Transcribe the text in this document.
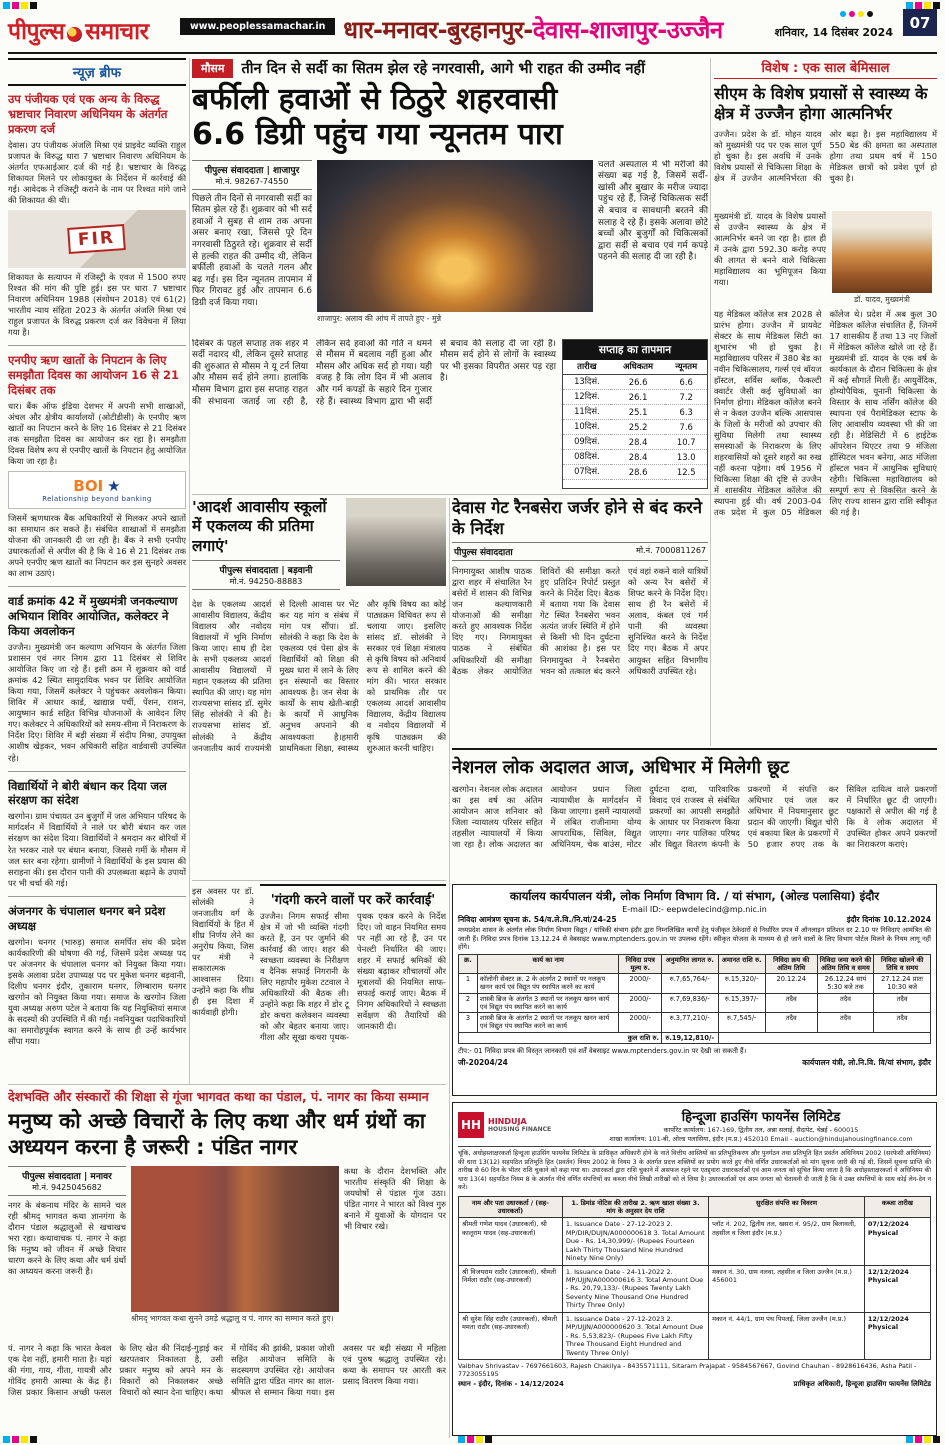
पीपुल्स समाचार	www.peoplessamachar.in धार-मनावर-बुरहानपुर-देवास-शाजापुर-उज्जैन	शनिवार, 14 दिसंबर 2024
07
न्यूज़ ब्रीफ
उप पंजीयक एवं एक अन्य के विरुद्ध भ्रष्टाचार निवारण अधिनियम के अंतर्गत प्रकरण दर्ज

देवास। उप पंजीयक अंजलि मिश्रा एवं प्राइवेट व्यक्ति राहुल प्रजापत के विरुद्ध धारा 7 भ्रष्टाचार निवारण अधिनियम के अंतर्गत एफआईआर दर्ज की गई है। भ्रष्टाचार के विरुद्ध शिकायत मिलने पर लोकायुक्त के निर्देशन में कार्रवाई की गई। आवेदक ने रजिस्ट्री कराने के नाम पर रिश्वत मांगे जाने की शिकायत की थी।

FIR

शिकायत के सत्यापन में रजिस्ट्री के एवज में 1500 रुपए रिश्वत की मांग की पुष्टि हुई। इस पर धारा 7 भ्रष्टाचार निवारण अधिनियम 1988 (संशोधन 2018) एवं 61(2) भारतीय न्याय संहिता 2023 के अंतर्गत अंजलि मिश्रा एवं राहुल प्रजापत के विरुद्ध प्रकरण दर्ज कर विवेचना में लिया गया है।

एनपीए ऋण खातों के निपटान के लिए समझौता दिवस का आयोजन 16 से 21 दिसंबर तक

धार। बैंक ऑफ इंडिया देशभर में अपनी सभी शाखाओं, अंचल और क्षेत्रीय कार्यालयों (ओटीडीसी) के एनपीए ऋण खातों का निपटान करने के लिए 16 दिसंबर से 21 दिसंबर तक समझौता दिवस का आयोजन कर रहा है। समझौता दिवस विशेष रूप से एनपीए खातों के निपटान हेतु आयोजित किया जा रहा है।

BOI ★
Relationship beyond banking

जिसमें ऋणधारक बैंक अधिकारियों से मिलकर अपने खातों का समाधान कर सकते हैं। संबंधित शाखाओं में समझौता योजना की जानकारी दी जा रही है। बैंक ने सभी एनपीए उधारकर्ताओं से अपील की है कि वे 16 से 21 दिसंबर तक अपने एनपीए ऋण खातों का निपटान कर इस सुनहरे अवसर का लाभ उठाएं।

वार्ड क्रमांक 42 में मुख्यमंत्री जनकल्याण अभियान शिविर आयोजित, कलेक्टर ने किया अवलोकन

उज्जैन। मुख्यमंत्री जन कल्याण अभियान के अंतर्गत जिला प्रशासन एवं नगर निगम द्वारा 11 दिसंबर से शिविर आयोजित किए जा रहे हैं। इसी क्रम में शुक्रवार को वार्ड क्रमांक 42 स्थित सामुदायिक भवन पर शिविर आयोजित किया गया, जिसमें कलेक्टर ने पहुंचकर अवलोकन किया। शिविर में आधार कार्ड, खाद्यान्न पर्ची, पेंशन, राशन, आयुष्मान कार्ड सहित विभिन्न योजनाओं के आवेदन लिए गए। कलेक्टर ने अधिकारियों को समय-सीमा में निराकरण के निर्देश दिए। शिविर में बड़ी संख्या में संदीप मिश्रा, उपायुक्त आशीष खेड़कर, भवन अधिकारी सहित वार्डवासी उपस्थित रहे।

विद्यार्थियों ने बोरी बंधान कर दिया जल संरक्षण का संदेश

खरगोन। ग्राम पंचायत उन बुजुर्गों में जल अभियान परिषद के मार्गदर्शन में विद्यार्थियों ने नाले पर बोरी बंधान कर जल संरक्षण का संदेश दिया। विद्यार्थियों ने श्रमदान कर बोरियों में रेत भरकर नाले पर बंधान बनाया, जिससे गर्मी के मौसम में जल स्तर बना रहेगा। ग्रामीणों ने विद्यार्थियों के इस प्रयास की सराहना की। इस दौरान पानी की उपलब्धता बढ़ाने के उपायों पर भी चर्चा की गई।

अंजनगर के चंपालाल धनगर बने प्रदेश अध्यक्ष

खरगोन। धनगर (भारुड़) समाज समर्पित संघ की प्रदेश कार्यकारिणी की घोषणा की गई, जिसमें प्रदेश अध्यक्ष पद पर अंजनगर के चंपालाल धनगर को नियुक्त किया गया। इसके अलावा प्रदेश उपाध्यक्ष पद पर मुकेश धनगर बड़वानी, दिलीप धनगर इंदौर, तुकाराम धनगर, लिम्बाराम धनगर खरगोन को नियुक्त किया गया। समाज के खरगोन जिला युवा अध्यक्ष अरुण पटेल ने बताया कि यह नियुक्तियां समाज के सदस्यों की उपस्थिति में की गईं। नवनियुक्त पदाधिकारियों का समारोहपूर्वक स्वागत करने के साथ ही उन्हें कार्यभार सौंपा गया।

मौसम	तीन दिन से सर्दी का सितम झेल रहे नगरवासी, आगे भी राहत की उम्मीद नहीं
बर्फीली हवाओं से ठिठुरे शहरवासी
6.6 डिग्री पहुंच गया न्यूनतम पारा
पीपुल्स संवाददाता | शाजापुर
मो.नं. 98267-74550

पिछले तीन दिनों से नगरवासी सर्दी का सितम झेल रहे हैं। शुक्रवार को भी सर्द हवाओं ने सुबह से शाम तक अपना असर बनाए रखा, जिससे पूरे दिन नगरवासी ठिठुरते रहे। शुक्रवार से सर्दी से हल्की राहत की उम्मीद थी, लेकिन बर्फीली हवाओं के चलते गलन और बढ़ गई। इस दिन न्यूनतम तापमान में फिर गिरावट हुई और तापमान 6.6 डिग्री दर्ज किया गया।

शाजापुर: अलाव की आंच में तापते हुए - मुन्ने

चलते अस्पताल में भी मरीजों की संख्या बढ़ गई है, जिसमें सर्दी-खांसी और बुखार के मरीज ज्यादा पहुंच रहे हैं, जिन्हें चिकित्सक सर्दी से बचाव व सावधानी बरतने की सलाह दे रहे हैं। इसके अलावा छोटे बच्चों और बुजुर्गों को चिकित्सकों द्वारा सर्दी से बचाव एवं गर्म कपड़े पहनने की सलाह दी जा रही है।

दिसंबर के पहले सप्ताह तक शहर में सर्दी नदारद थी, लेकिन दूसरे सप्ताह की शुरुआत से मौसम ने यू टर्न लिया और मौसम सर्द होने लगा। हालांकि मौसम विभाग द्वारा इस सप्ताह राहत की संभावना जताई जा रही है, लेकिन सर्द हवाओं की गति न थमने से मौसम में बदलाव नहीं हुआ और मौसम और अधिक सर्द हो गया। यही वजह है कि लोग दिन में भी अलाव और गर्म कपड़ों के सहारे दिन गुजार रहे हैं। स्वास्थ्य विभाग द्वारा भी सर्दी से बचाव की सलाह दी जा रही है। मौसम सर्द होने से लोगों के स्वास्थ्य पर भी इसका विपरीत असर पड़ रहा है।
सप्ताह का तापमान
तारीख	अधिकतम	न्यूनतम
13दिसं.	26.6	6.6
12दिसं.	26.1	7.2
11दिसं.	25.1	6.3
10दिसं.	25.2	7.6
09दिसं.	28.4	10.7
08दिसं.	28.4	13.0
07दिसं.	28.6	12.5
विशेष : एक साल बेमिसाल
सीएम के विशेष प्रयासों से स्वास्थ्य के क्षेत्र में उज्जैन होगा आत्मनिर्भर
उज्जैन। प्रदेश के डॉ. मोहन यादव को मुख्यमंत्री पद पर एक साल पूर्ण हो चुका है। इस अवधि में उनके विशेष प्रयासों से चिकित्सा शिक्षा के क्षेत्र में उज्जैन आत्मनिर्भरता की ओर बढ़ा है। इस महाविद्यालय में 550 बेड की क्षमता का अस्पताल होगा तथा प्रथम वर्ष में 150 मेडिकल छात्रों को प्रवेश पूर्ण हो चुका है।

मुख्यमंत्री डॉ. यादव के विशेष प्रयासों से उज्जैन स्वास्थ्य के क्षेत्र में आत्मनिर्भर बनने जा रहा है। हाल ही में उनके द्वारा 592.30 करोड़ रुपए की लागत से बनने वाले चिकित्सा महाविद्यालय का भूमिपूजन किया गया।

डॉ. यादव, मुख्यमंत्री
यह मेडिकल कॉलेज सत्र 2028 से प्रारंभ होगा। उज्जैन में प्रायवेट सेक्टर के साथ मेडिकल सिटी का शुभारंभ भी हो चुका है। महाविद्यालय परिसर में 380 बेड का नवीन चिकित्सालय, गर्ल्स एवं बॉयज हॉस्टल, सर्विस ब्लॉक, फैकल्टी क्वार्टर जैसी कई सुविधाओं का निर्माण होगा। मेडिकल कॉलेज बनने से न केवल उज्जैन बल्कि आसपास के जिलों के मरीजों को उपचार की सुविधा मिलेगी तथा स्वास्थ्य समस्याओं के निराकरण के लिए शहरवासियों को दूसरे शहरों का रुख नहीं करना पड़ेगा। वर्ष 1956 में चिकित्सा शिक्षा की दृष्टि से उज्जैन में शासकीय मेडिकल कॉलेज की स्थापना हुई थी। वर्ष 2003-04 तक प्रदेश में कुल 05 मेडिकल कॉलेज थे। प्रदेश में अब कुल 30 मेडिकल कॉलेज संचालित हैं, जिनमें 17 शासकीय हैं तथा 13 नए जिलों में मेडिकल कॉलेज खोले जा रहे हैं। मुख्यमंत्री डॉ. यादव के एक वर्ष के कार्यकाल के दौरान चिकित्सा के क्षेत्र में कई सौगातें मिली हैं। आयुर्वेदिक, होम्योपैथिक, यूनानी चिकित्सा के विस्तार के साथ नर्सिंग कॉलेज की स्थापना एवं पैरामेडिकल स्टाफ के लिए आवासीय व्यवस्था भी की जा रही है। मेडिसिटी में 6 हाईटेक ऑपरेशन थिएटर तथा 9 मंजिला हॉस्पिटल भवन बनेगा, आठ मंजिला हॉस्टल भवन में आधुनिक सुविधाएं रहेंगी। चिकित्सा महाविद्यालय को सम्पूर्ण रूप से विकसित करने के लिए राज्य शासन द्वारा राशि स्वीकृत की गई है।
'आदर्श आवासीय स्कूलों में एकलव्य की प्रतिमा लगाएं'
पीपुल्स संवाददाता | बड़वानी
मो.नं. 94250-88883
देश के एकलव्य आदर्श आवासीय विद्यालय, केंद्रीय विद्यालय और नवोदय विद्यालयों में भूमि निर्माण किया जाए। साथ ही देश के सभी एकलव्य आदर्श आवासीय विद्यालयों में महान एकलव्य की प्रतिमा स्थापित की जाए। यह मांग राज्यसभा सांसद डॉ. सुमेर सिंह सोलंकी ने की है। राज्यसभा सांसद डॉ. सोलंकी ने केंद्रीय जनजातीय कार्य राज्यमंत्री से दिल्ली आवास पर भेंट कर यह मांग व संबंध में मांग पत्र सौंपा। डॉ. सोलंकी ने कहा कि देश के एकलव्य एवं पेसा क्षेत्र के विद्यार्थियों को शिक्षा की मुख्य धारा में लाने के लिए इन संस्थानों का विस्तार आवश्यक है। जन सेवा के कार्यों के साथ खेती-बाड़ी के कार्यों में आधुनिक अनुभव अपनाने की आवश्यकता है।हमारी प्राथमिकता शिक्षा, स्वास्थ्य और कृषि विषय का कोई पाठ्यक्रम विधिवत रूप से चलाया जाए। इसलिए सांसद डॉ. सोलंकी ने सरकार एवं शिक्षा मंत्रालय से कृषि विषय को अनिवार्य रूप से शामिल करने की मांग की। भारत सरकार को प्राथमिक तौर पर एकलव्य आदर्श आवासीय विद्यालय, केंद्रीय विद्यालय व नवोदय विद्यालयों में कृषि पाठ्यक्रम की शुरुआत करनी चाहिए।
इस अवसर पर डॉ. सोलंकी ने जनजातीय वर्ग के विद्यार्थियों के हित में शीघ्र निर्णय लेने का अनुरोध किया, जिस पर मंत्री ने सकारात्मक आश्वासन दिया। उन्होंने कहा कि शीघ्र ही इस दिशा में कार्यवाही होगी।
'गंदगी करने वालों पर करें कार्रवाई'
उज्जैन। निगम सफाई सीमा क्षेत्र में जो भी व्यक्ति गंदगी करते हैं, उन पर जुर्माने की कार्रवाई की जाए। शहर की स्वच्छता व्यवस्था के निरीक्षण व दैनिक सफाई निगरानी के लिए महापौर मुकेश टटवाल ने अधिकारियों की बैठक ली। उन्होंने कहा कि शहर में डोर टू डोर कचरा कलेक्शन व्यवस्था को और बेहतर बनाया जाए। गीला और सूखा कचरा पृथक-पृथक एकत्र करने के निर्देश दिए। जो वाहन नियमित समय पर नहीं आ रहे हैं, उन पर पेनल्टी निर्धारित की जाए। शहर में सफाई श्रमिकों की संख्या बढ़ाकर शौचालयों और मूत्रालयों की नियमित साफ-सफाई कराई जाए। बैठक में निगम अधिकारियों ने स्वच्छता सर्वेक्षण की तैयारियों की जानकारी दी।
देवास गेट रैनबसेरा जर्जर होने से बंद करने के निर्देश
पीपुल्स संवाददाता	मो.नं. 7000811267
निगमायुक्त आशीष पाठक द्वारा शहर में संचालित रैन बसेरों में शासन की विभिन्न जन कल्याणकारी योजनाओं की समीक्षा करते हुए आवश्यक निर्देश दिए गए। निगमायुक्त पाठक ने संबंधित अधिकारियों की समीक्षा बैठक लेकर आयोजित शिविरों की समीक्षा करते हुए प्रतिदिन रिपोर्ट प्रस्तुत करने के निर्देश दिए। बैठक में बताया गया कि देवास गेट स्थित रैनबसेरा भवन अत्यंत जर्जर स्थिति में होने से किसी भी दिन दुर्घटना की आशंका है। इस पर निगमायुक्त ने रैनबसेरा भवन को तत्काल बंद करने एवं वहां रुकने वाले यात्रियों को अन्य रैन बसेरों में शिफ्ट करने के निर्देश दिए। साथ ही रैन बसेरों में अलाव, कंबल एवं गर्म पानी की व्यवस्था सुनिश्चित करने के निर्देश दिए गए। बैठक में अपर आयुक्त सहित विभागीय अधिकारी उपस्थित रहे।
नेशनल लोक अदालत आज, अधिभार में मिलेगी छूट
खरगोन। नेशनल लोक अदालत का इस वर्ष का अंतिम आयोजन आज शनिवार को जिला न्यायालय परिसर सहित तहसील न्यायालयों में किया जा रहा है। लोक अदालत का आयोजन प्रधान जिला न्यायाधीश के मार्गदर्शन में किया जाएगा। इसमें न्यायालयों में लंबित राजीनामा योग्य आपराधिक, सिविल, विद्युत अधिनियम, चेक बाउंस, मोटर दुर्घटना दावा, पारिवारिक विवाद एवं राजस्व से संबंधित प्रकरणों का आपसी समझौते के आधार पर निराकरण किया जाएगा। नगर पालिका परिषद और विद्युत वितरण कंपनी के प्रकरणों में संपत्ति कर अधिभार एवं जल कर अधिभार में नियमानुसार छूट प्रदान की जाएगी। विद्युत चोरी एवं बकाया बिल के प्रकरणों में 50 हजार रुपए तक के सिविल दायित्व वाले प्रकरणों में निर्धारित छूट दी जाएगी। पक्षकारों से अपील की गई है कि वे लोक अदालत में उपस्थित होकर अपने प्रकरणों का निराकरण कराएं।
कार्यालय कार्यपालन यंत्री, लोक निर्माण विभाग वि. / यां संभाग, (ओल्ड पलासिया) इंदौर
E-mail ID:- eepwdelecind@mp.nic.in
निविदा आमंत्रण सूचना क्रं. 54/व.ले.वि./नि.यां/24-25	इंदौर दिनांक 10.12.2024
मध्यप्रदेश शासन के अंतर्गत लोक निर्माण विभाग विद्युत / यांत्रिकी संभाग इंदौर द्वारा निम्नलिखित कार्यों हेतु पंजीकृत ठेकेदारों से निर्धारित प्रपत्र में ऑनलाइन प्रतिशत दर 2.10 पर निविदाएं आमंत्रित की जाती हैं। निविदा प्रपत्र दिनांक 13.12.24 से वेबसाइट www.mptenders.gov.in पर उपलब्ध रहेंगे। स्वीकृत योजना के माध्यम से हो जाने वालों के लिए विभाग पोर्टल मिलने के नियम लागू नहीं होंगे।
क्र.	कार्य का नाम	निविदा प्रपत्र मूल्य रु.	अनुमानित लागत रु.	अमानत राशि रु.	निविदा क्रय की अंतिम तिथि	निविदा जमा करने की अंतिम तिथि व समय	निविदा खोलने की तिथि व समय
1	कॉलोनी सेक्टर क्र. 2 के अंतर्गत 2 स्थानों पर नलकूप खनन कार्य एवं विद्युत पंप स्थापित करने का कार्य	2000/-	रु.7,65,764/-	रु.15,320/-	20.12.24	26.12.24 सायं 5:30 बजे तक	27.12.24 प्रातः 10:30 बजे
2	शास्त्री ब्रिज के अंतर्गत 3 स्थानों पर नलकूप खनन कार्य एवं विद्युत पंप स्थापित करने का कार्य	2000/-	रु.7,69,836/-	रु.15,397/-	तदैव	तदैव	तदैव
3	शास्त्री ब्रिज के अंतर्गत 2 स्थानों पर नलकूप खनन कार्य एवं विद्युत पंप स्थापित करने का कार्य	2000/-	रु.3,77,210/-	रु.7,545/-	तदैव	तदैव	तदैव
कुल राशि रु.			रु.19,12,810/-				
टीप:- 01 निविदा प्रपत्र की विस्तृत जानकारी एवं शर्तें वेबसाइट www.mptenders.gov.in पर देखी जा सकती हैं।
जी-20204/24	कार्यपालन यंत्री, लो.नि.वि. वि/यां संभाग, इंदौर
HH HINDUJA
HOUSING FINANCE
हिन्दूजा हाउसिंग फायनेंस लिमिटेड
कार्पोरेट कार्यालय: 167-169, द्वितीय तल, अन्ना सलाई, सैदापेट, चेन्नई - 600015
शाखा कार्यालय: 101-बी, ओल्ड पलासिया, इंदौर (म.प्र.) 452010 Email - auction@hindujahousingfinance.com
चूंकि, अधोहस्ताक्षरकर्ता हिन्दूजा हाउसिंग फायनेंस लिमिटेड के प्राधिकृत अधिकारी होने के नाते वित्तीय आस्तियों का प्रतिभूतिकरण और पुनर्गठन तथा प्रतिभूति हित प्रवर्तन अधिनियम 2002 (सरफेसी अधिनियम) की धारा 13(12) सहपठित प्रतिभूति हित (प्रवर्तन) नियम 2002 के नियम 3 के अंतर्गत प्रदत्त शक्तियों का प्रयोग करते हुए नीचे वर्णित उधारकर्ताओं को मांग सूचना जारी की गई थी, जिसमें सूचना प्राप्ति की तारीख से 60 दिन के भीतर राशि चुकाने को कहा गया था। उधारकर्ता द्वारा राशि चुकाने में असफल रहने पर एतद्द्वारा उधारकर्ताओं एवं आम जनता को सूचित किया जाता है कि अधोहस्ताक्षरकर्ता ने अधिनियम की धारा 13(4) सहपठित नियम 8 के अंतर्गत नीचे वर्णित संपत्तियों का कब्जा नीचे लिखी तारीखों को ले लिया है। उधारकर्ताओं एवं आम जनता को चेतावनी दी जाती है कि वे उक्त संपत्तियों के साथ कोई लेन-देन न करें।
नाम और पता उधारकर्ता / (सह-उधारकर्ता)	1. डिमांड नोटिस की तारीख 2. ऋण खाता संख्या 3. मांग के अनुसार देय राशि	सुरक्षित संपत्ति का विवरण	कब्जा तारीख
श्रीमती गणेश यादव (उधारकर्ता), श्री कालूराम यादव (सह-उधारकर्ता)	1. Issuance Date - 27-12-2023 2. MP/DIR/DUJN/A000000618 3. Total Amount Due - Rs. 14,30,999/- (Rupees Fourteen Lakh Thirty Thousand Nine Hundred Ninety Nine Only)	प्लॉट नं. 202, द्वितीय तल, खसरा नं. 95/2, ग्राम बिलावली, तहसील व जिला इंदौर (म.प्र.)	07/12/2024
Physical
श्री विजयराम राठौर (उधारकर्ता), श्रीमती निर्मला राठौर (सह-उधारकर्ता)	1. Issuance Date - 24-11-2022 2. MP/UJJN/A000000616 3. Total Amount Due - Rs. 20,79,133/- (Rupees Twenty Lakh Seventy Nine Thousand One Hundred Thirty Three Only)	मकान नं. 30, ग्राम नलवा, तहसील व जिला उज्जैन (म.प्र.) 456001	12/12/2024
Physical
श्री सुरेश सिंह राठौर (उधारकर्ता), श्रीमती ममता राठौर (सह-उधारकर्ता)	1. Issuance Date - 27-12-2023 2. MP/UJJN/A000000620 3. Total Amount Due - Rs. 5,53,823/- (Rupees Five Lakh Fifty Three Thousand Eight Hundred and Twenty Three Only)	मकान नं. 44/1, ग्राम पंथ पिपलई, जिला उज्जैन (म.प्र.)	12/12/2024
Physical
Vaibhav Shrivastav - 7697661603, Rajesh Chakilya - 8435571111, Sitaram Prajapat - 9584567667, Govind Chauhan - 8928616436, Asha Patil - 7723055195
स्थान - इंदौर, दिनांक - 14/12/2024	प्राधिकृत अधिकारी, हिन्दूजा हाउसिंग फायनेंस लिमिटेड
देशभक्ति और संस्कारों की शिक्षा से गूंजा भागवत कथा का पंडाल, पं. नागर का किया सम्मान
मनुष्य को अच्छे विचारों के लिए कथा और धर्म ग्रंथों का अध्ययन करना है जरूरी : पंडित नागर
पीपुल्स संवाददाता | मनावर
मो.नं. 9425045682

नगर के बंकनाथ मंदिर के सामने चल रही श्रीमद् भागवत कथा ज्ञानगंगा के दौरान पंडाल श्रद्धालुओं से खचाखच भरा रहा। कथावाचक पं. नागर ने कहा कि मनुष्य को जीवन में अच्छे विचार धारण करने के लिए कथा और धर्म ग्रंथों का अध्ययन करना जरूरी है।

श्रीमद् भागवत कथा सुनने उमड़े श्रद्धालु व पं. नागर का सम्मान करते हुए।

कथा के दौरान देशभक्ति और भारतीय संस्कृति की शिक्षा के जयघोषों से पंडाल गूंज उठा। पंडित नागर ने भारत को विश्व गुरु बनाने में युवाओं के योगदान पर भी विचार रखे।

पं. नागर ने कहा कि भारत केवल एक देश नहीं, हमारी माता है। यहां की गंगा, गाय, गीता, गायत्री और गोविंद हमारी आस्था के केंद्र हैं। जिस प्रकार किसान अच्छी फसल के लिए खेत की निंदाई-गुड़ाई कर खरपतवार निकालता है, उसी प्रकार मनुष्य को अपने मन के विकारों को निकालकर अच्छे विचारों को स्थान देना चाहिए। कथा में गोविंद की झांकी, प्रकाश जोशी सहित आयोजन समिति के सदस्यगण उपस्थित रहे। आयोजन समिति द्वारा पंडित नागर का शाल-श्रीफल से सम्मान किया गया। इस अवसर पर बड़ी संख्या में महिला एवं पुरुष श्रद्धालु उपस्थित रहे। कथा के समापन पर आरती कर प्रसाद वितरण किया गया।
